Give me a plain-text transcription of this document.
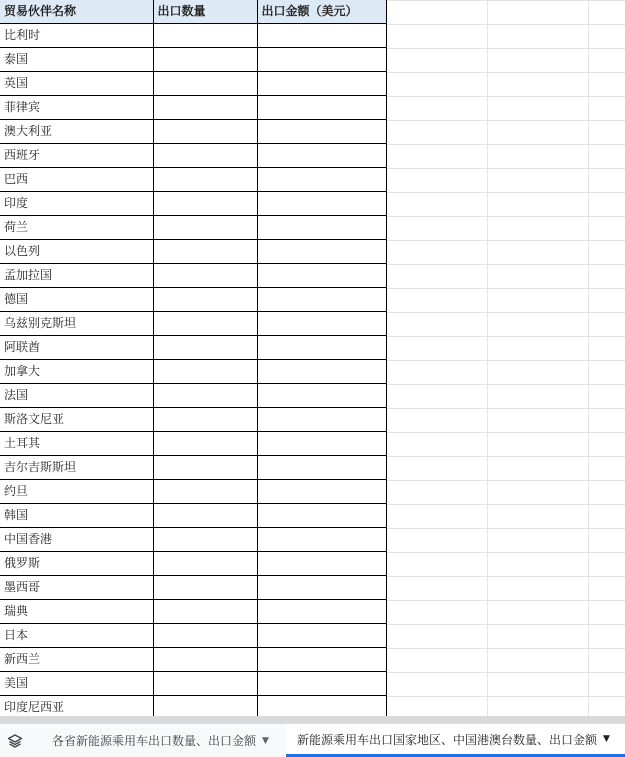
贸易伙伴名称	出口数量	出口金额（美元）
比利时		
泰国		
英国		
菲律宾		
澳大利亚		
西班牙		
巴西		
印度		
荷兰		
以色列		
孟加拉国		
德国		
乌兹别克斯坦		
阿联酋		
加拿大		
法国		
斯洛文尼亚		
土耳其		
吉尔吉斯斯坦		
约旦		
韩国		
中国香港		
俄罗斯		
墨西哥		
瑞典		
日本		
新西兰		
美国		
印度尼西亚		

各省新能源乘用车出口数量、出口金额 ▼ 新能源乘用车出口国家地区、中国港澳台数量、出口金额 ▼
